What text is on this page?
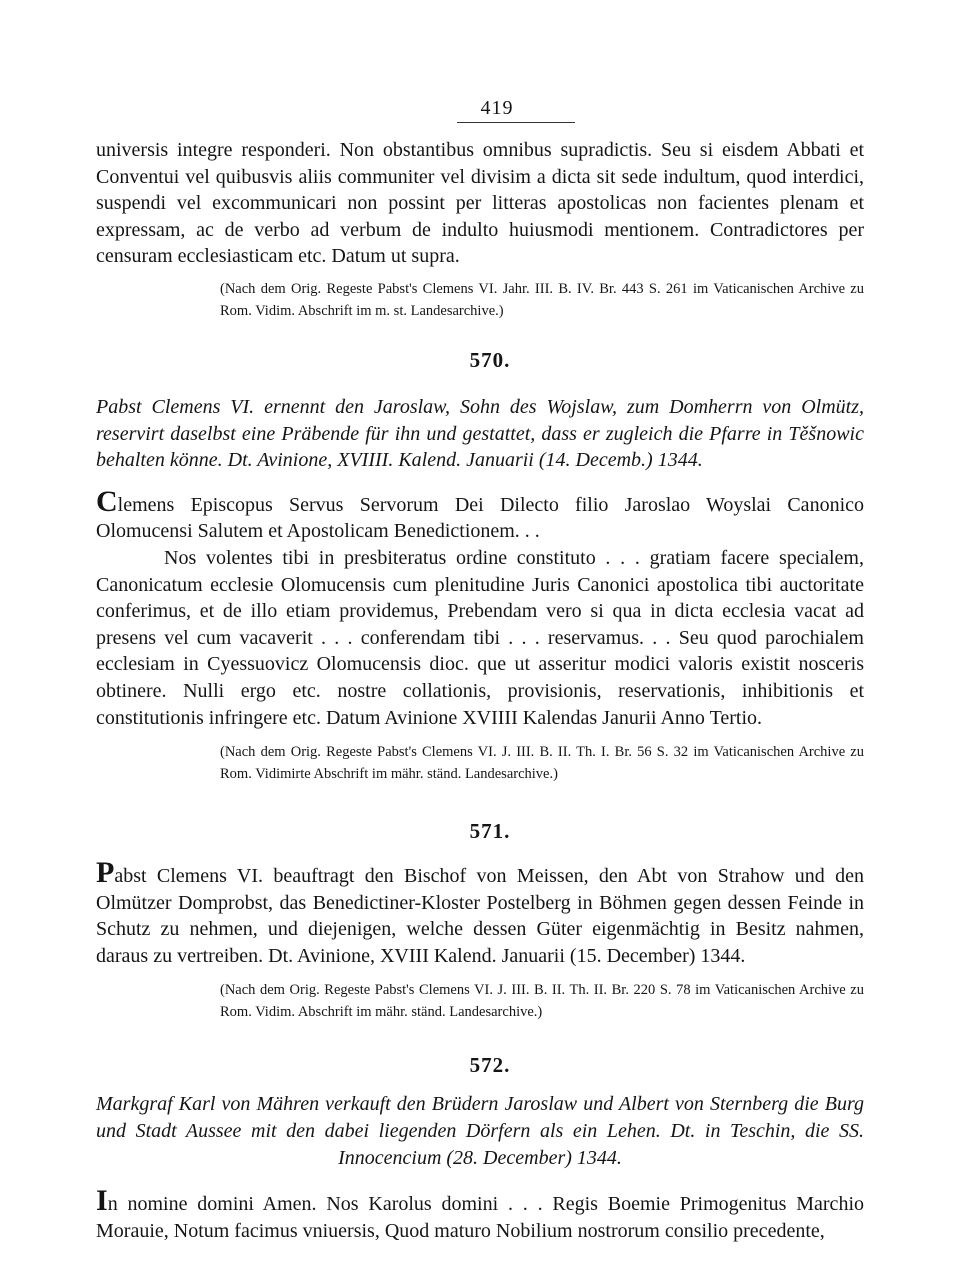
419

universis integre responderi. Non obstantibus omnibus supradictis. Seu si eisdem Abbati et Conventui vel quibusvis aliis communiter vel divisim a dicta sit sede indultum, quod interdici, suspendi vel excommunicari non possint per litteras apostolicas non facientes plenam et expressam, ac de verbo ad verbum de indulto huiusmodi mentionem. Contradictores per censuram ecclesiasticam etc. Datum ut supra.

(Nach dem Orig. Regeste Pabst's Clemens VI. Jahr. III. B. IV. Br. 443 S. 261 im Vaticanischen Archive zu Rom. Vidim. Abschrift im m. st. Landesarchive.)

570.

Pabst Clemens VI. ernennt den Jaroslaw, Sohn des Wojslaw, zum Domherrn von Olmütz, reservirt daselbst eine Präbende für ihn und gestattet, dass er zugleich die Pfarre in Těšnowic behalten könne. Dt. Avinione, XVIIII. Kalend. Januarii (14. Decemb.) 1344.

Clemens Episcopus Servus Servorum Dei Dilecto filio Jaroslao Woyslai Canonico Olomucensi Salutem et Apostolicam Benedictionem. . .

Nos volentes tibi in presbiteratus ordine constituto . . . gratiam facere specialem, Canonicatum ecclesie Olomucensis cum plenitudine Juris Canonici apostolica tibi auctoritate conferimus, et de illo etiam providemus, Prebendam vero si qua in dicta ecclesia vacat ad presens vel cum vacaverit . . . conferendam tibi . . . reservamus. . . Seu quod parochialem ecclesiam in Cyessuovicz Olomucensis dioc. que ut asseritur modici valoris existit nosceris obtinere. Nulli ergo etc. nostre collationis, provisionis, reservationis, inhibitionis et constitutionis infringere etc. Datum Avinione XVIIII Kalendas Janurii Anno Tertio.

(Nach dem Orig. Regeste Pabst's Clemens VI. J. III. B. II. Th. I. Br. 56 S. 32 im Vaticanischen Archive zu Rom. Vidimirte Abschrift im mähr. ständ. Landesarchive.)

571.

Pabst Clemens VI. beauftragt den Bischof von Meissen, den Abt von Strahow und den Olmützer Domprobst, das Benedictiner-Kloster Postelberg in Böhmen gegen dessen Feinde in Schutz zu nehmen, und diejenigen, welche dessen Güter eigenmächtig in Besitz nahmen, daraus zu vertreiben. Dt. Avinione, XVIII Kalend. Januarii (15. December) 1344.

(Nach dem Orig. Regeste Pabst's Clemens VI. J. III. B. II. Th. II. Br. 220 S. 78 im Vaticanischen Archive zu Rom. Vidim. Abschrift im mähr. ständ. Landesarchive.)

572.

Markgraf Karl von Mähren verkauft den Brüdern Jaroslaw und Albert von Sternberg die Burg und Stadt Aussee mit den dabei liegenden Dörfern als ein Lehen. Dt. in Teschin, die SS. Innocencium (28. December) 1344.

In nomine domini Amen. Nos Karolus domini . . . Regis Boemie Primogenitus Marchio Morauie, Notum facimus vniuersis, Quod maturo Nobilium nostrorum consilio precedente,
